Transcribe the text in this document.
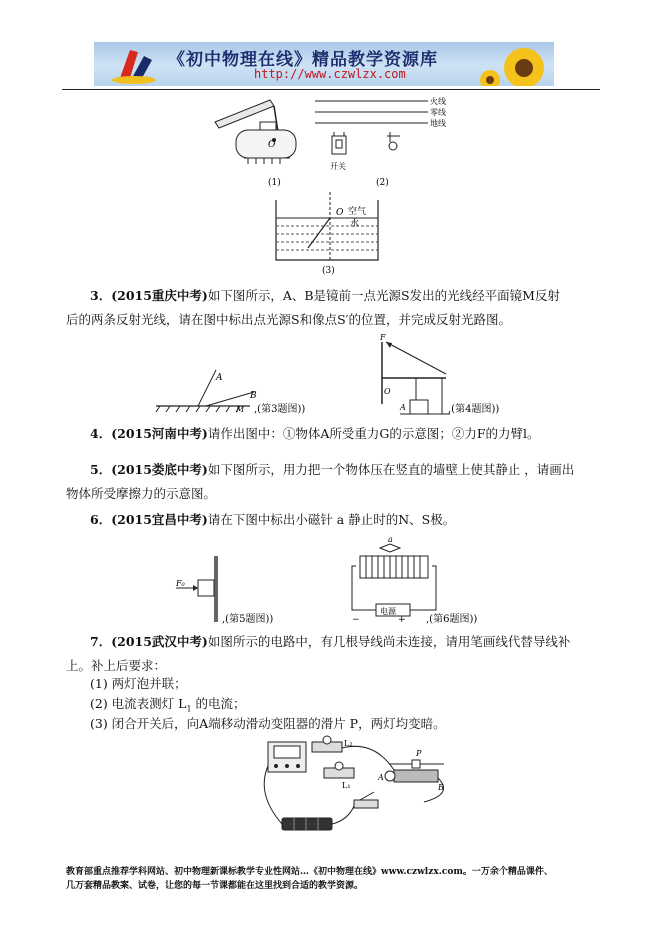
《初中物理在线》精品教学资源库
http://www.czwlzx.com
O
(1)
火线
零线
地线
开关
(2)
O 空气
水
(3)
3．(2015重庆中考)如下图所示，A、B是镜前一点光源S发出的光线经平面镜M反射
后的两条反射光线，请在图中标出点光源S和像点S′的位置，并完成反射光路图。
A
B
M ,(第3题图))
F
O
A	,(第4题图))
4．(2015河南中考)请作出图中：①物体A所受重力G的示意图；②力F的力臂l。
5．(2015娄底中考)如下图所示，用力把一个物体压在竖直的墙壁上使其静止 ，请画出
物体所受摩擦力的示意图。
6．(2015宜昌中考)请在下图中标出小磁针 a 静止时的N、S极。
F₀
,(第5题图))
a
电源
−	+ ,(第6题图))
7．(2015武汉中考)如图所示的电路中，有几根导线尚未连接，请用笔画线代替导线补
上。补上后要求：
(1) 两灯泡并联；
(2) 电流表测灯 $L_1$ 的电流；
(3) 闭合开关后，向A端移动滑动变阻器的滑片 P，两灯均变暗。
L₁
L₂
P
A
B
教育部重点推荐学科网站、初中物理新课标教学专业性网站…《初中物理在线》www.czwlzx.com。一万余个精品课件、
几万套精品教案、试卷，让您的每一节课都能在这里找到合适的教学资源。
